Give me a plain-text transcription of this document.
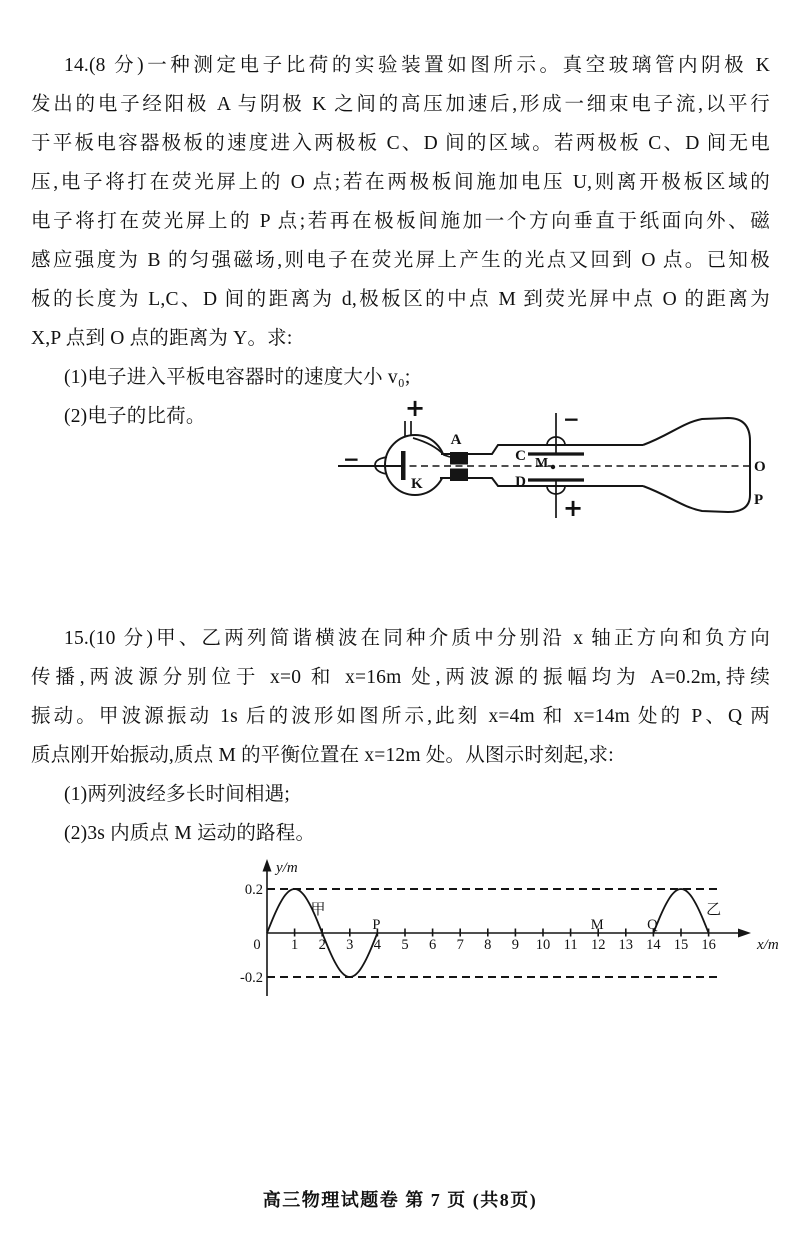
14.(8 分)一种测定电子比荷的实验装置如图所示。真空玻璃管内阴极 K
发出的电子经阳极 A 与阴极 K 之间的高压加速后,形成一细束电子流,以平行
于平板电容器极板的速度进入两极板 C、D 间的区域。若两极板 C、D 间无电
压,电子将打在荧光屏上的 O 点;若在两极板间施加电压 U,则离开极板区域的
电子将打在荧光屏上的 P 点;若再在极板间施加一个方向垂直于纸面向外、磁
感应强度为 B 的匀强磁场,则电子在荧光屏上产生的光点又回到 O 点。已知极
板的长度为 L,C、D 间的距离为 d,极板区的中点 M 到荧光屏中点 O 的距离为
X,P 点到 O 点的距离为 Y。求:
(1)电子进入平板电容器时的速度大小 v₀;
(2)电子的比荷。	+
−
A
K
C
D
M
−
+
O
P
15.(10 分)甲、乙两列简谐横波在同种介质中分别沿 x 轴正方向和负方向
传播,两波源分别位于 x=0 和 x=16m 处,两波源的振幅均为 A=0.2m,持续
振动。甲波源振动 1s 后的波形如图所示,此刻 x=4m 和 x=14m 处的 P、Q 两
质点刚开始振动,质点 M 的平衡位置在 x=12m 处。从图示时刻起,求:
(1)两列波经多长时间相遇;
(2)3s 内质点 M 运动的路程。
0.2
-0.2
0 1 2 3 4 5 6 7 8 9 10 11 12 13 14 15 16
甲	乙
P	M	Q
x/m
y/m
高三物理试题卷 第 7 页 (共8页)
